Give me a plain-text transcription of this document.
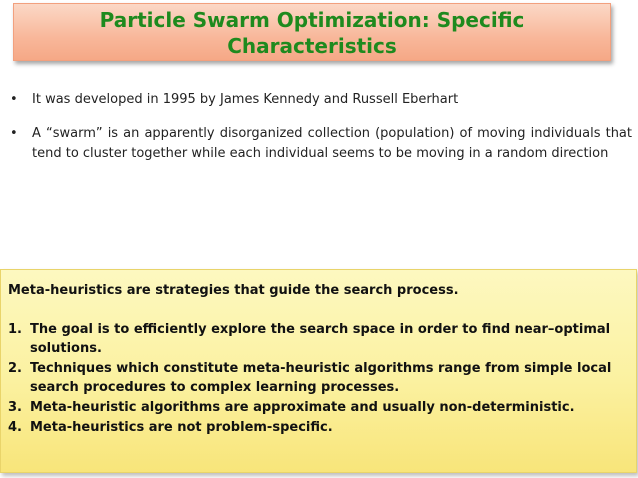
Particle Swarm Optimization: Specific
Characteristics
• It was developed in 1995 by James Kennedy and Russell Eberhart
• A “swarm” is an apparently disorganized collection (population) of moving individuals that tend to cluster together while each individual seems to be moving in a random direction
Meta-heuristics are strategies that guide the search process.
1. The goal is to efficiently explore the search space in order to find near–optimal solutions.
2. Techniques which constitute meta-heuristic algorithms range from simple local search procedures to complex learning processes.
3. Meta-heuristic algorithms are approximate and usually non-deterministic.
4. Meta-heuristics are not problem-specific.
